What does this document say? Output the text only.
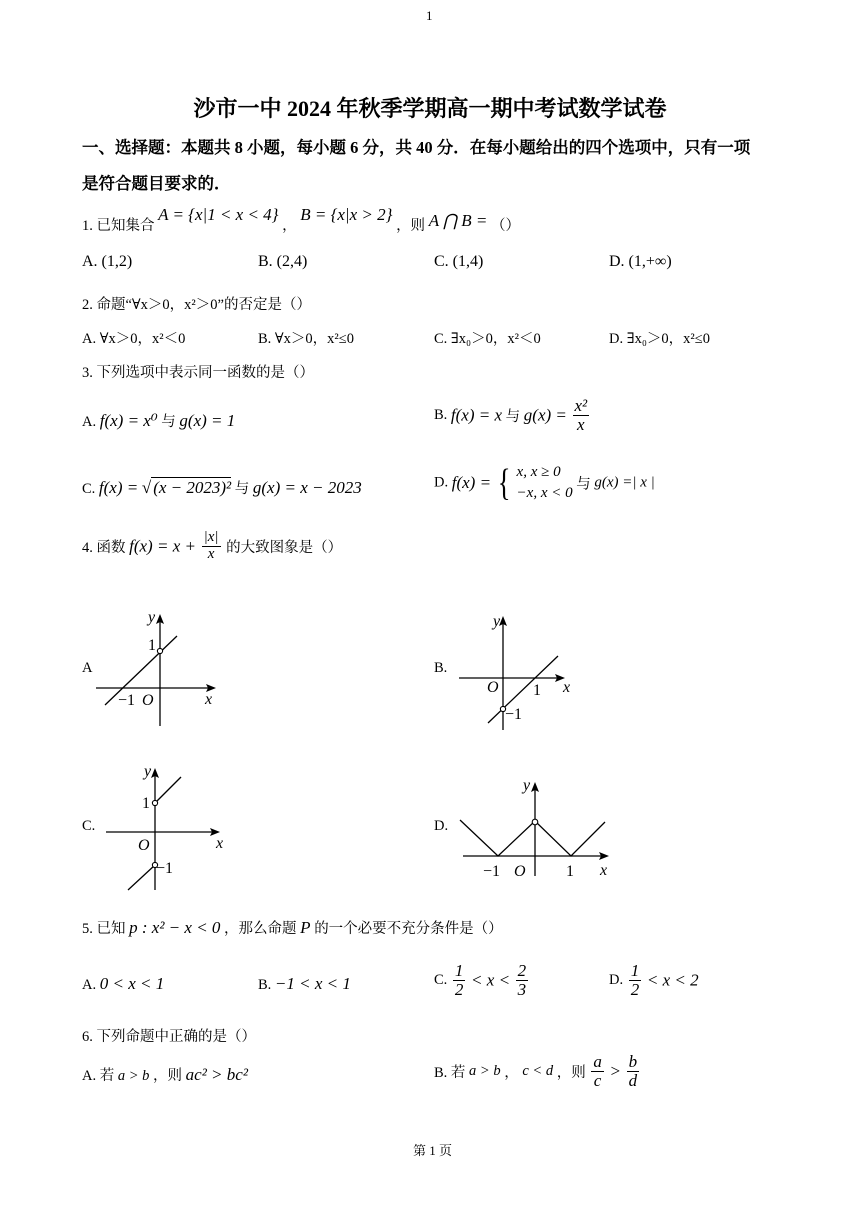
1
沙市一中 2024 年秋季学期高一期中考试数学试卷
一、选择题：本题共 8 小题，每小题 6 分，共 40 分．在每小题给出的四个选项中，只有一项
是符合题目要求的．
1. 已知集合 A = {x|1 < x < 4} ， B = {x|x > 2} ，则 A ⋂ B = （）
A. (1,2)	B. (2,4)	C. (1,4)	D. (1,+∞)
2. 命题“∀x＞0，x²＞0”的否定是（）
A. ∀x＞0，x²＜0	B. ∀x＞0，x²≤0	C. ∃x₀＞0，x²＜0	D. ∃x₀＞0，x²≤0
3. 下列选项中表示同一函数的是（）
A. f(x) = x⁰ 与 g(x) = 1	B. f(x) = x 与 $g(x) = \frac{\text{x²}}{x}$
C. f(x) = √ (x − 2023)² 与 g(x) = x − 2023	D. f(x) = { x, x ≥ 0
−x, x < 0
与 g(x) =| x |
4. 函数 $f(x) = x + \frac{|x|}{x}$ 的大致图象是（）
A	B.
C.	D.
y
x
O
1
−1
y
x
O 1
−1
y
x
O
1
−1
y
x
O	1
−1
5. 已知 p : x² − x < 0 ，那么命题 P 的一个必要不充分条件是（）
A. 0 < x < 1	B. −1 < x < 1	C. $\frac{1}{2} < x < \frac{2}{3}$	D. $\frac{1}{2} < x < 2$
6. 下列命题中正确的是（）
A. 若 a > b ，则 ac² > bc²	B. 若 a > b ， c < d ，则 $\frac{a}{c} > \frac{b}{d}$
第 1 页
